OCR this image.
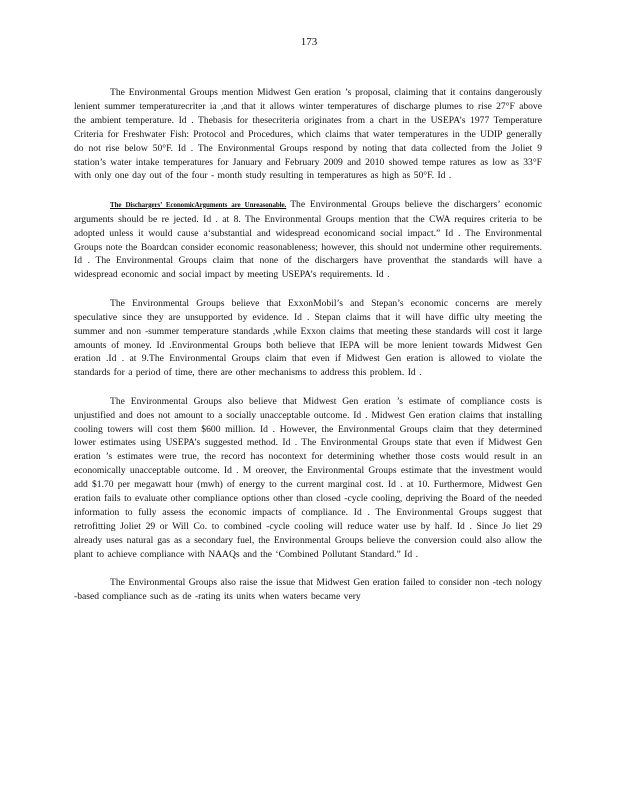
173

The Environmental Groups mention Midwest Gen eration ’s proposal, claiming that it contains dangerously lenient summer temperaturecriter ia ,and that it allows winter temperatures of discharge plumes to rise 27°F above the ambient temperature. Id . Thebasis for thesecriteria originates from a chart in the USEPA’s 1977 Temperature Criteria for Freshwater Fish: Protocol and Procedures, which claims that water temperatures in the UDIP generally do not rise below 50°F. Id . The Environmental Groups respond by noting that data collected from the Joliet 9 station’s water intake temperatures for January and February 2009 and 2010 showed tempe ratures as low as 33°F with only one day out of the four - month study resulting in temperatures as high as 50°F. Id .

The Dischargers’ EconomicArguments are Unreasonable. The Environmental Groups believe the dischargers’ economic arguments should be re jected. Id . at 8. The Environmental Groups mention that the CWA requires criteria to be adopted unless it would cause a‘substantial and widespread economicand social impact.” Id . The Environmental Groups note the Boardcan consider economic reasonableness; however, this should not undermine other requirements. Id . The Environmental Groups claim that none of the dischargers have proventhat the standards will have a widespread economic and social impact by meeting USEPA’s requirements. Id .

The Environmental Groups believe that ExxonMobil’s and Stepan’s economic concerns are merely speculative since they are unsupported by evidence. Id . Stepan claims that it will have diffic ulty meeting the summer and non -summer temperature standards ,while Exxon claims that meeting these standards will cost it large amounts of money. Id .Environmental Groups both believe that IEPA will be more lenient towards Midwest Gen eration .Id . at 9.The Environmental Groups claim that even if Midwest Gen eration is allowed to violate the standards for a period of time, there are other mechanisms to address this problem. Id .

The Environmental Groups also believe that Midwest Gen eration ’s estimate of compliance costs is unjustified and does not amount to a socially unacceptable outcome. Id . Midwest Gen eration claims that installing cooling towers will cost them $600 million. Id . However, the Environmental Groups claim that they determined lower estimates using USEPA’s suggested method. Id . The Environmental Groups state that even if Midwest Gen eration ’s estimates were true, the record has nocontext for determining whether those costs would result in an economically unacceptable outcome. Id . M oreover, the Environmental Groups estimate that the investment would add $1.70 per megawatt hour (mwh) of energy to the current marginal cost. Id . at 10. Furthermore, Midwest Gen eration fails to evaluate other compliance options other than closed -cycle cooling, depriving the Board of the needed information to fully assess the economic impacts of compliance. Id . The Environmental Groups suggest that retrofitting Joliet 29 or Will Co. to combined -cycle cooling will reduce water use by half. Id . Since Jo liet 29 already uses natural gas as a secondary fuel, the Environmental Groups believe the conversion could also allow the plant to achieve compliance with NAAQs and the ‘Combined Pollutant Standard.” Id .

The Environmental Groups also raise the issue that Midwest Gen eration failed to consider non -tech nology -based compliance such as de -rating its units when waters became very
